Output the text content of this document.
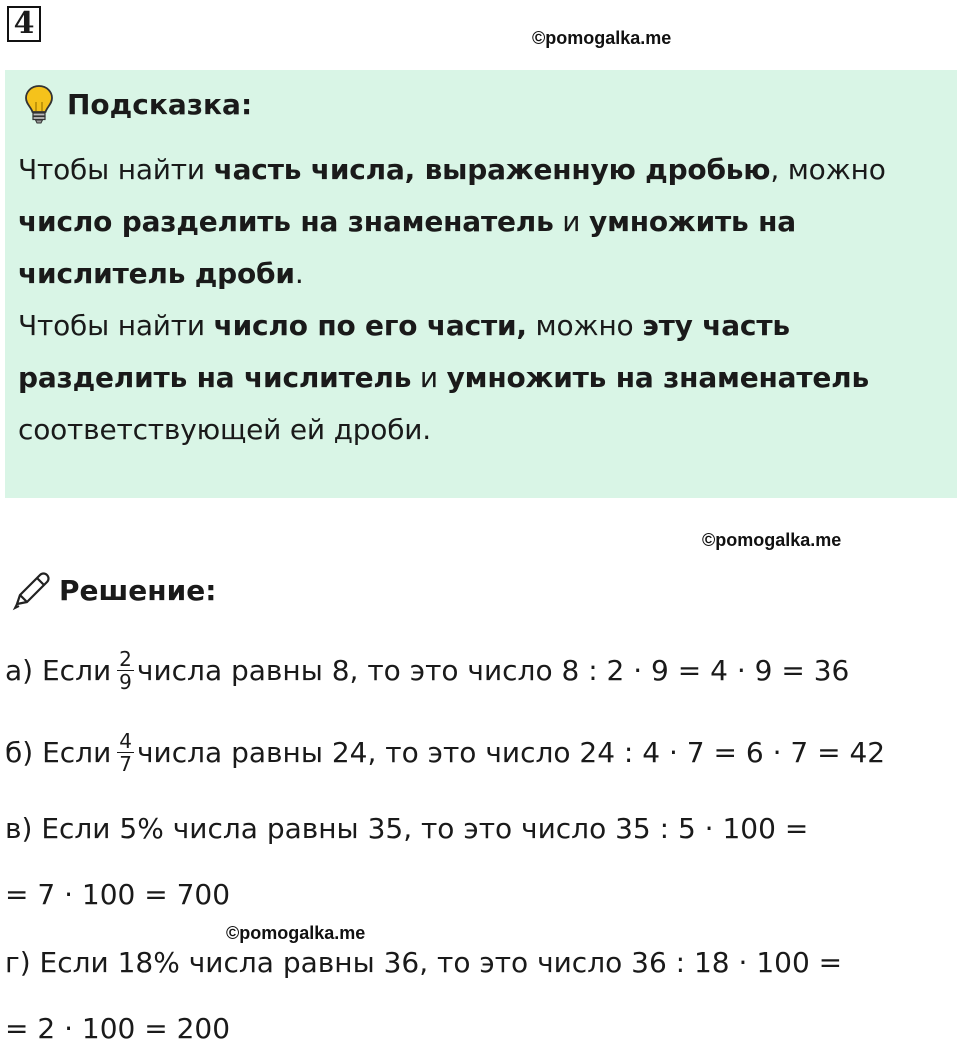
4	©pomogalka.me
Подсказка:

Чтобы найти часть числа, выраженную дробью, можно число разделить на знаменатель и умножить на числитель дроби.

Чтобы найти число по его части, можно эту часть разделить на числитель и умножить на знаменатель соответствующей ей дроби.

©pomogalka.me
Решение:
а) Если $\frac{2}{9}$ числа равны 8, то это число 8 : 2 · 9 = 4 · 9 = 36
б) Если $\frac{4}{7}$ числа равны 24, то это число 24 : 4 · 7 = 6 · 7 = 42
в) Если 5% числа равны 35, то это число 35 : 5 · 100 =
= 7 · 100 = 700
©pomogalka.me
г) Если 18% числа равны 36, то это число 36 : 18 · 100 =
= 2 · 100 = 200
